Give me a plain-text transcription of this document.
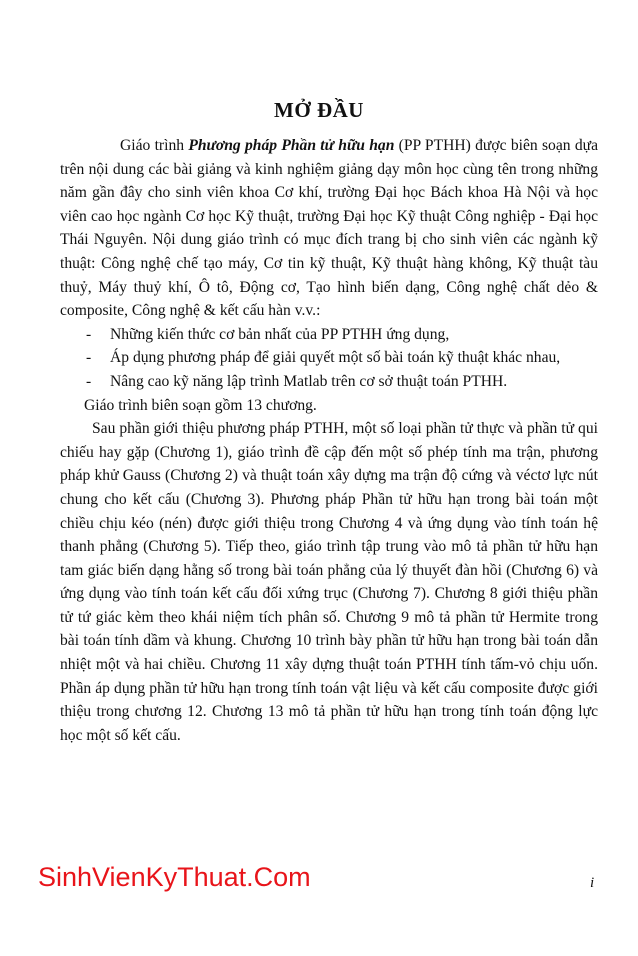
MỞ ĐẦU

Giáo trình Phương pháp Phần tử hữu hạn (PP PTHH) được biên soạn dựa trên nội dung các bài giảng và kinh nghiệm giảng dạy môn học cùng tên trong những năm gần đây cho sinh viên khoa Cơ khí, trường Đại học Bách khoa Hà Nội và học viên cao học ngành Cơ học Kỹ thuật, trường Đại học Kỹ thuật Công nghiệp - Đại học Thái Nguyên. Nội dung giáo trình có mục đích trang bị cho sinh viên các ngành kỹ thuật: Công nghệ chế tạo máy, Cơ tin kỹ thuật, Kỹ thuật hàng không, Kỹ thuật tàu thuỷ, Máy thuỷ khí, Ô tô, Động cơ, Tạo hình biến dạng, Công nghệ chất dẻo & composite, Công nghệ & kết cấu hàn v.v.:

- Những kiến thức cơ bản nhất của PP PTHH ứng dụng,
- Áp dụng phương pháp để giải quyết một số bài toán kỹ thuật khác nhau,
- Nâng cao kỹ năng lập trình Matlab trên cơ sở thuật toán PTHH.

Giáo trình biên soạn gồm 13 chương.

Sau phần giới thiệu phương pháp PTHH, một số loại phần tử thực và phần tử qui chiếu hay gặp (Chương 1), giáo trình đề cập đến một số phép tính ma trận, phương pháp khử Gauss (Chương 2) và thuật toán xây dựng ma trận độ cứng và véctơ lực nút chung cho kết cấu (Chương 3). Phương pháp Phần tử hữu hạn trong bài toán một chiều chịu kéo (nén) được giới thiệu trong Chương 4 và ứng dụng vào tính toán hệ thanh phẳng (Chương 5). Tiếp theo, giáo trình tập trung vào mô tả phần tử hữu hạn tam giác biến dạng hằng số trong bài toán phẳng của lý thuyết đàn hồi (Chương 6) và ứng dụng vào tính toán kết cấu đối xứng trục (Chương 7). Chương 8 giới thiệu phần tử tứ giác kèm theo khái niệm tích phân số. Chương 9 mô tả phần tử Hermite trong bài toán tính dầm và khung. Chương 10 trình bày phần tử hữu hạn trong bài toán dẫn nhiệt một và hai chiều. Chương 11 xây dựng thuật toán PTHH tính tấm-vỏ chịu uốn. Phần áp dụng phần tử hữu hạn trong tính toán vật liệu và kết cấu composite được giới thiệu trong chương 12. Chương 13 mô tả phần tử hữu hạn trong tính toán động lực học một số kết cấu.

SinhVienKyThuat.Com	i
